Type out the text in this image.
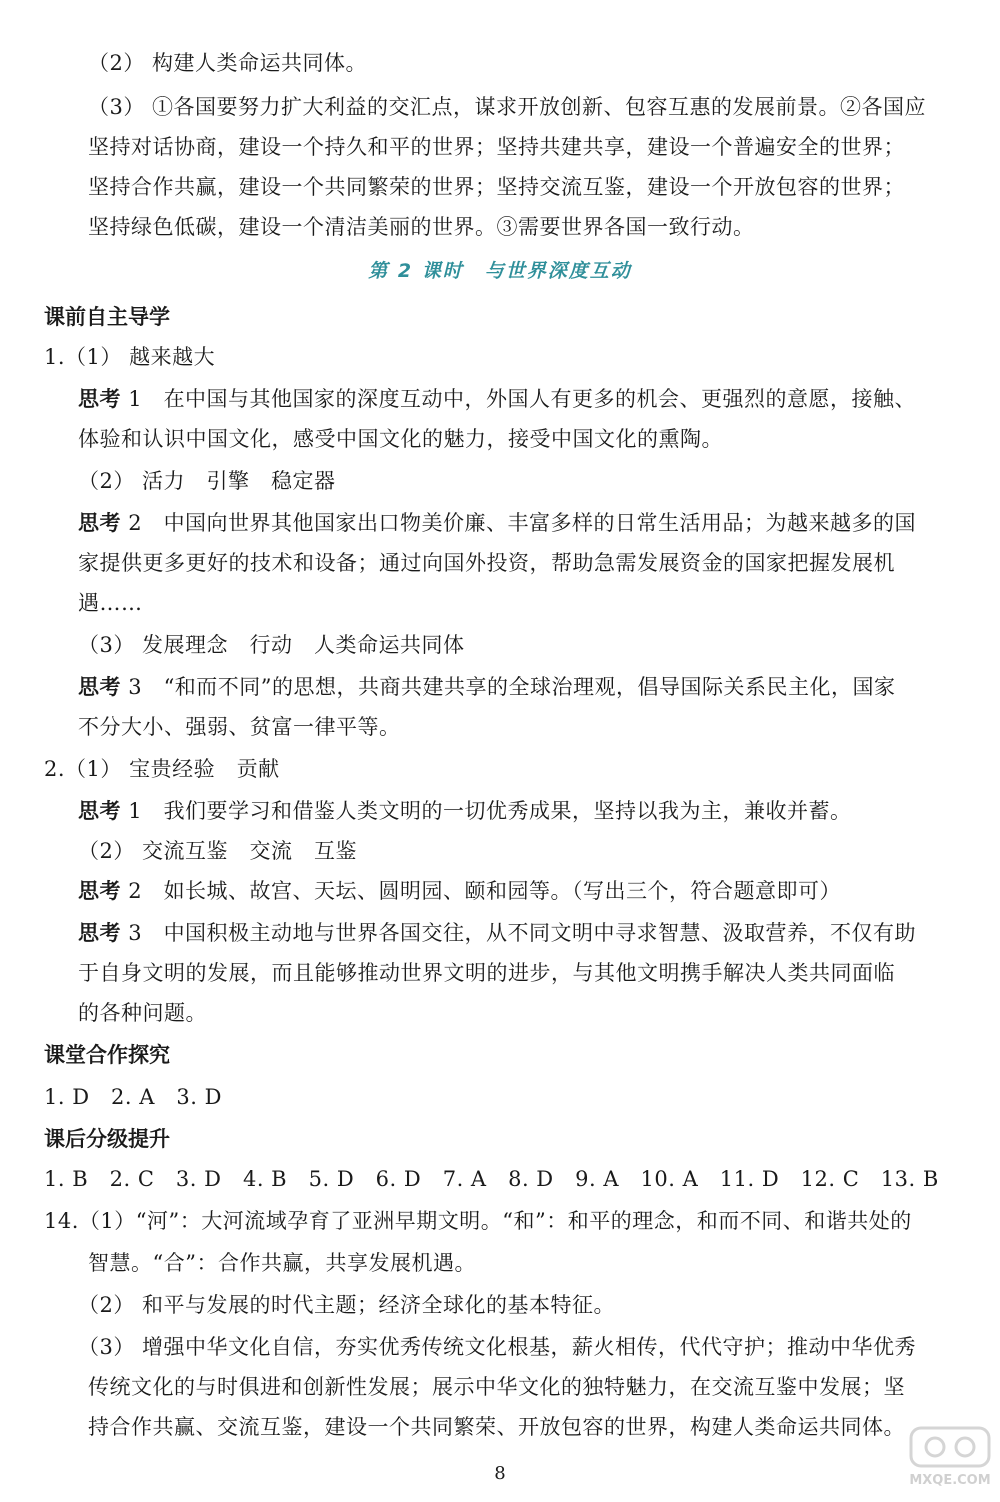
（2） 构建人类命运共同体。
（3） ①各国要努力扩大利益的交汇点，谋求开放创新、包容互惠的发展前景。②各国应
坚持对话协商，建设一个持久和平的世界；坚持共建共享，建设一个普遍安全的世界；
坚持合作共赢，建设一个共同繁荣的世界；坚持交流互鉴，建设一个开放包容的世界；
坚持绿色低碳，建设一个清洁美丽的世界。③需要世界各国一致行动。
第 2 课时　与世界深度互动
课前自主导学
1.（1） 越来越大
思考 1　 在中国与其他国家的深度互动中，外国人有更多的机会、更强烈的意愿，接触、
体验和认识中国文化，感受中国文化的魅力，接受中国文化的熏陶。
（2） 活力　引擎　稳定器
思考 2　 中国向世界其他国家出口物美价廉、丰富多样的日常生活用品；为越来越多的国
家提供更多更好的技术和设备；通过向国外投资，帮助急需发展资金的国家把握发展机
遇……
（3） 发展理念　行动　人类命运共同体
思考 3　 “和而不同”的思想，共商共建共享的全球治理观，倡导国际关系民主化，国家
不分大小、强弱、贫富一律平等。
2.（1） 宝贵经验　贡献
思考 1　 我们要学习和借鉴人类文明的一切优秀成果，坚持以我为主，兼收并蓄。
（2） 交流互鉴　交流　互鉴
思考 2　 如长城、故宫、天坛、圆明园、颐和园等。（写出三个，符合题意即可）
思考 3　 中国积极主动地与世界各国交往，从不同文明中寻求智慧、汲取营养，不仅有助
于自身文明的发展，而且能够推动世界文明的进步，与其他文明携手解决人类共同面临
的各种问题。
课堂合作探究
1. D　2. A　3. D
课后分级提升
1. B　2. C　3. D　4. B　5. D　6. D　7. A　8. D　9. A　10. A　11. D　12. C　13. B
14.（1）“河”：大河流域孕育了亚洲早期文明。“和”：和平的理念，和而不同、和谐共处的
智慧。“合”：合作共赢，共享发展机遇。
（2） 和平与发展的时代主题；经济全球化的基本特征。
（3） 增强中华文化自信，夯实优秀传统文化根基，薪火相传，代代守护；推动中华优秀
传统文化的与时俱进和创新性发展；展示中华文化的独特魅力，在交流互鉴中发展；坚
持合作共赢、交流互鉴，建设一个共同繁荣、开放包容的世界，构建人类命运共同体。
8	MXQE.COM
